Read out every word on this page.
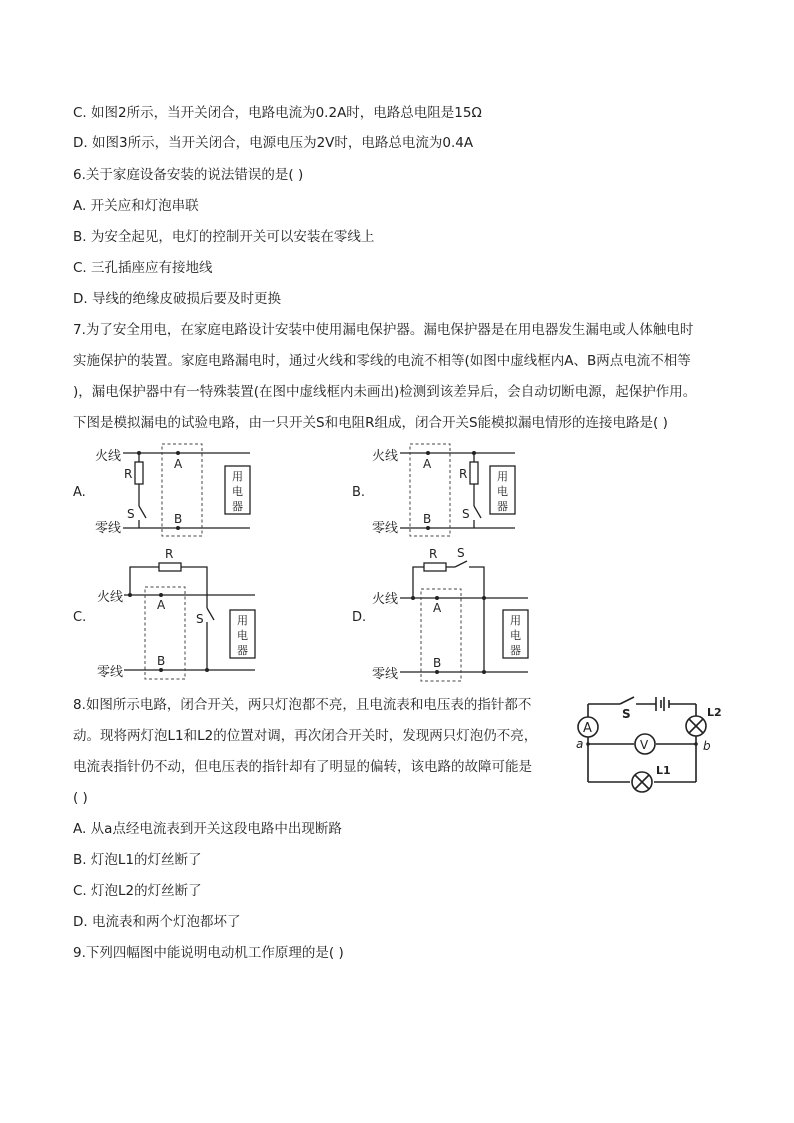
C. 如图2所示，当开关闭合，电路电流为0.2A时，电路总电阻是15Ω
D. 如图3所示，当开关闭合，电源电压为2V时，电路总电流为0.4A
6.关于家庭设备安装的说法错误的是( )
A. 开关应和灯泡串联
B. 为安全起见，电灯的控制开关可以安装在零线上
C. 三孔插座应有接地线
D. 导线的绝缘皮破损后要及时更换
7.为了安全用电，在家庭电路设计安装中使用漏电保护器。漏电保护器是在用电器发生漏电或人体触电时
实施保护的装置。家庭电路漏电时，通过火线和零线的电流不相等(如图中虚线框内A、B两点电流不相等
)，漏电保护器中有一特殊装置(在图中虚线框内未画出)检测到该差异后，会自动切断电源，起保护作用。
下图是模拟漏电的试验电路，由一只开关S和电阻R组成，闭合开关S能模拟漏电情形的连接电路是( )
A.
火线
零线
A
B
R
S
用
电
器
B.
火线
零线
A
B
R
S
用
电
器
C.
火线
零线
A
B
R
S	用
电
器
D.
火线
零线
A
B
R S
用
电
器
8.如图所示电路，闭合开关，两只灯泡都不亮，且电流表和电压表的指针都不
动。现将两灯泡L1和L2的位置对调，再次闭合开关时，发现两只灯泡仍不亮，
电流表指针仍不动，但电压表的指针却有了明显的偏转，该电路的故障可能是
( )
A. 从a点经电流表到开关这段电路中出现断路
B. 灯泡L1的灯丝断了
C. 灯泡L2的灯丝断了
D. 电流表和两个灯泡都坏了
9.下列四幅图中能说明电动机工作原理的是( )
A
V
S	L2
L1
a	b
